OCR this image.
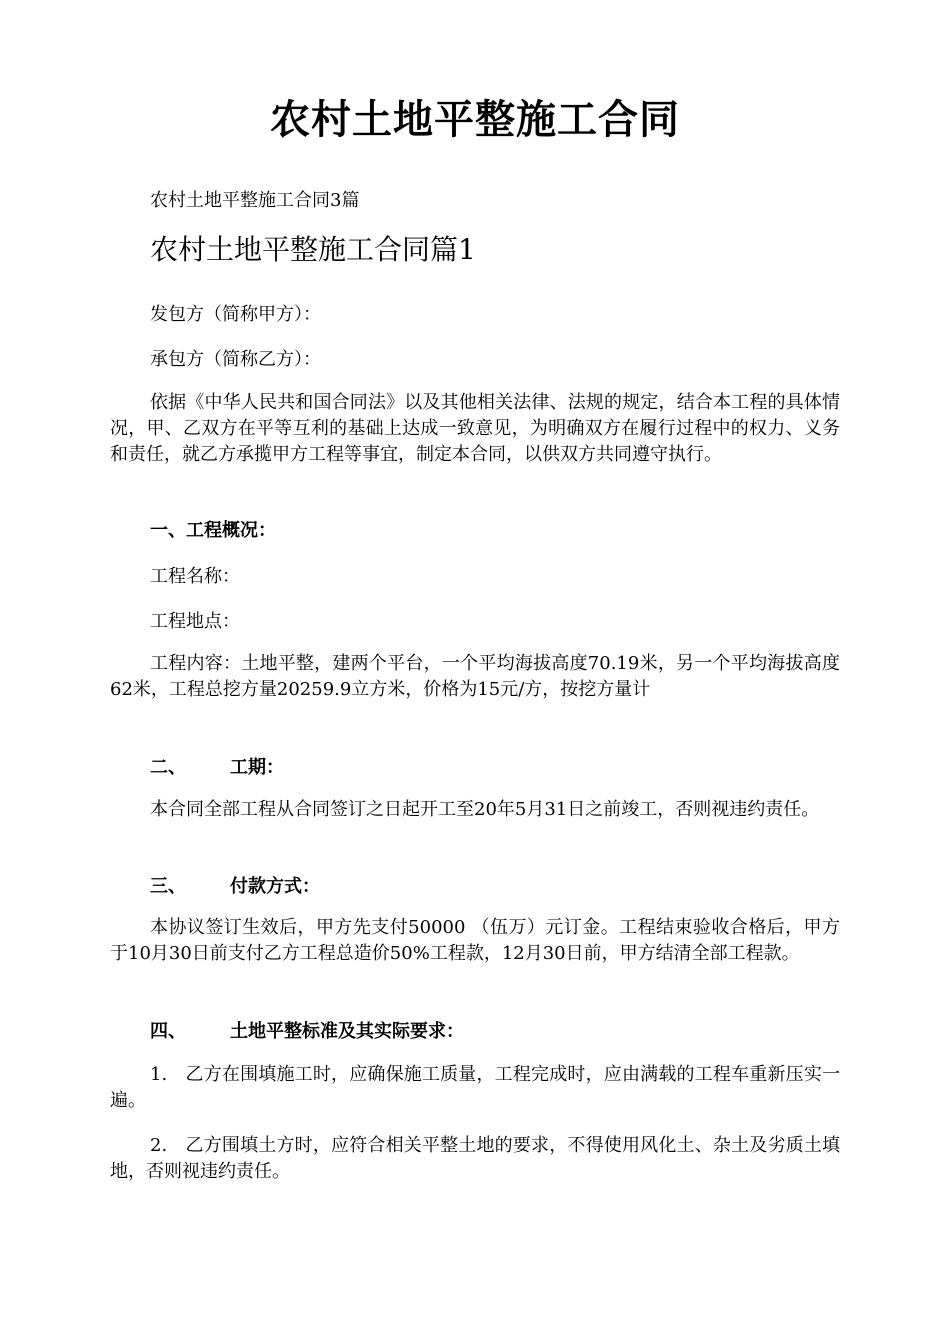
农村土地平整施工合同
农村土地平整施工合同3篇
农村土地平整施工合同篇1
发包方（简称甲方）：
承包方（简称乙方）：
依据《中华人民共和国合同法》以及其他相关法律、法规的规定，结合本工程的具体情况，甲、乙双方在平等互利的基础上达成一致意见，为明确双方在履行过程中的权力、义务和责任，就乙方承揽甲方工程等事宜，制定本合同，以供双方共同遵守执行。
一、工程概况：
工程名称：
工程地点：
工程内容：土地平整，建两个平台，一个平均海拔高度70.19米，另一个平均海拔高度62米，工程总挖方量20259.9立方米，价格为15元/方，按挖方量计
二、 工期：
本合同全部工程从合同签订之日起开工至20年5月31日之前竣工，否则视违约责任。
三、 付款方式：
本协议签订生效后，甲方先支付50000 （伍万）元订金。工程结束验收合格后，甲方于10月30日前支付乙方工程总造价50%工程款，12月30日前，甲方结清全部工程款。
四、 土地平整标准及其实际要求：
1.　乙方在围填施工时，应确保施工质量，工程完成时，应由满载的工程车重新压实一遍。
2.　乙方围填土方时，应符合相关平整土地的要求，不得使用风化土、杂土及劣质土填地，否则视违约责任。
